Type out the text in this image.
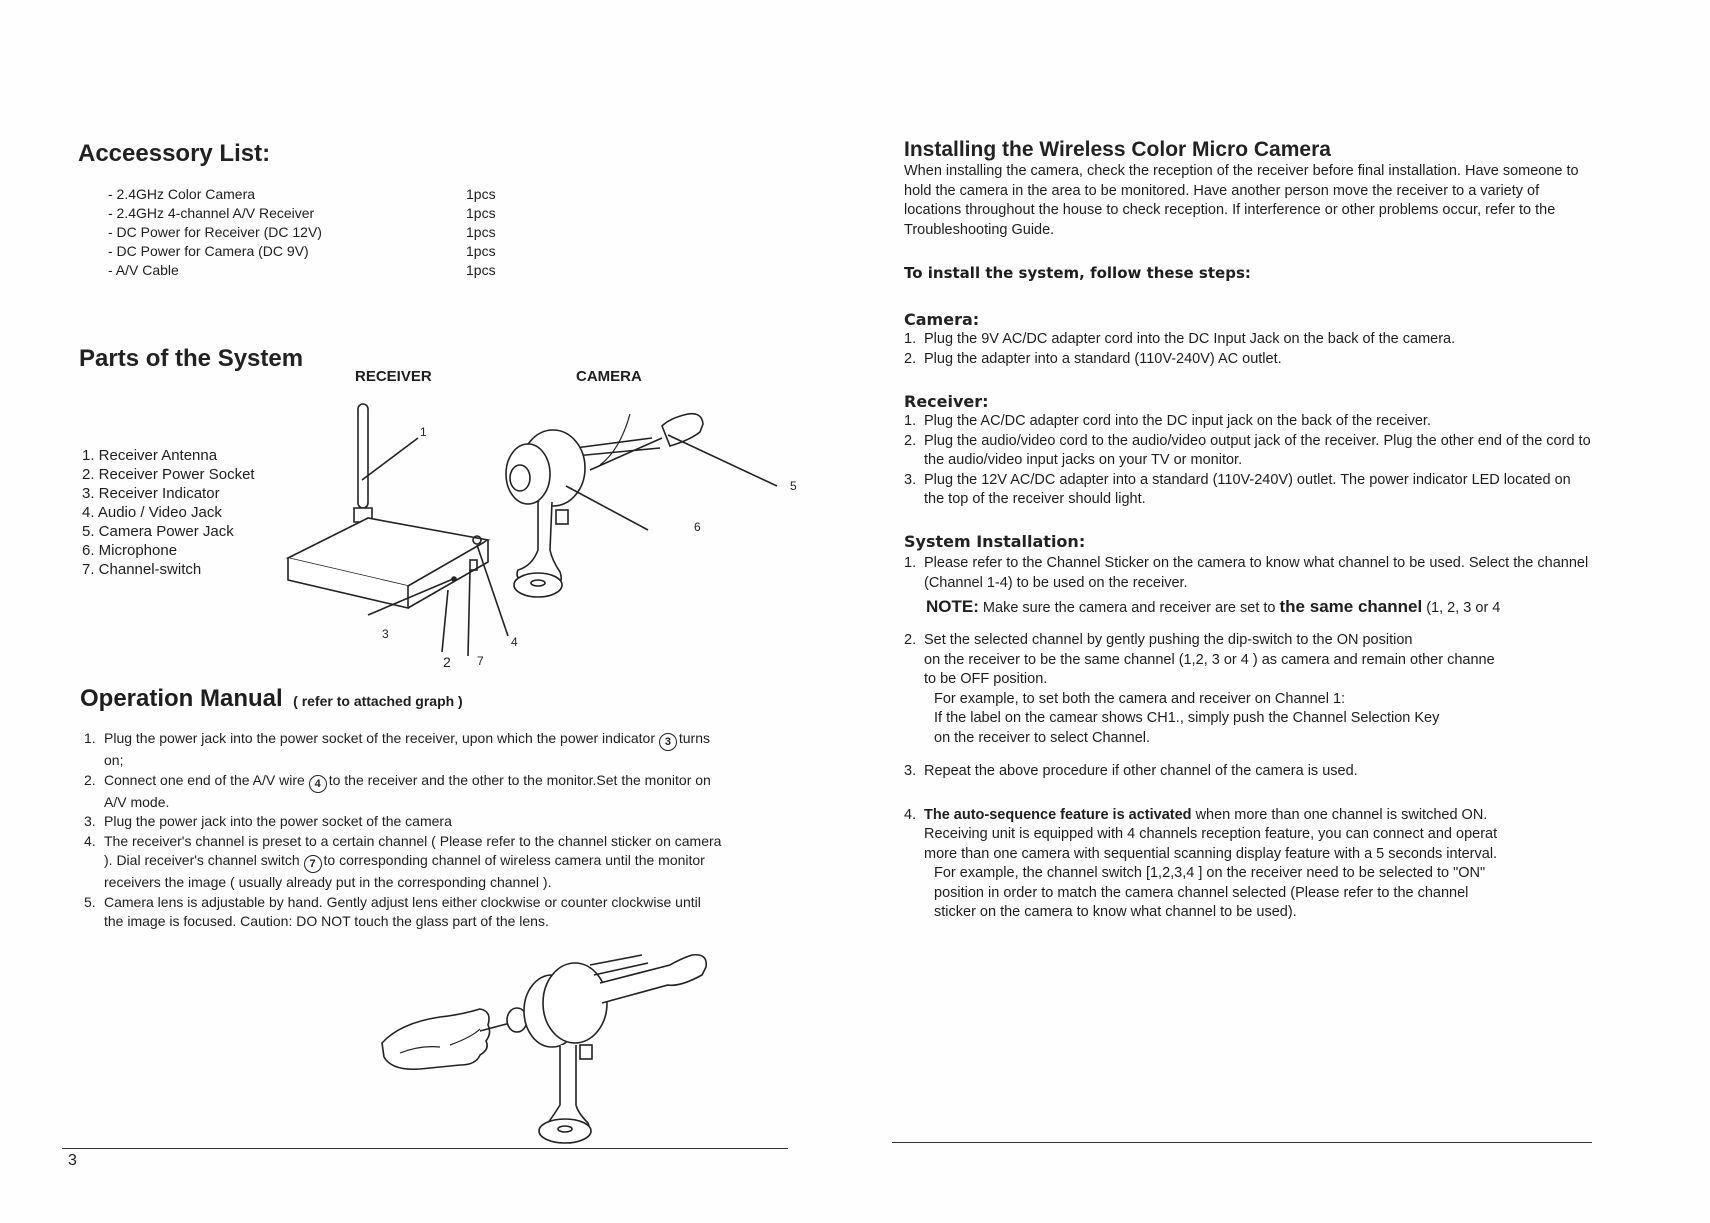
Acceessory List:
- 2.4GHz Color Camera	1pcs
- 2.4GHz 4-channel A/V Receiver	1pcs
- DC Power for Receiver (DC 12V)	1pcs
- DC Power for Camera (DC 9V)	1pcs
- A/V Cable	1pcs
Parts of the System
RECEIVER	CAMERA
1. Receiver Antenna
2. Receiver Power Socket
3. Receiver Indicator
4. Audio / Video Jack
5. Camera Power Jack
6. Microphone
7. Channel-switch
1
3
2 7
4
5
6
Operation Manual ( refer to attached graph )
1. Plug the power jack into the power socket of the receiver, upon which the power indicator 3 turns on;
2. Connect one end of the A/V wire 4 to the receiver and the other to the monitor.Set the monitor on A/V mode.
3. Plug the power jack into the power socket of the camera
4. The receiver's channel is preset to a certain channel ( Please refer to the channel sticker on camera ). Dial receiver's channel switch 7 to corresponding channel of wireless camera until the monitor receivers the image ( usually already put in the corresponding channel ).
5. Camera lens is adjustable by hand. Gently adjust lens either clockwise or counter clockwise until the image is focused. Caution: DO NOT touch the glass part of the lens.
3
Installing the Wireless Color Micro Camera
When installing the camera, check the reception of the receiver before final installation. Have someone to hold the camera in the area to be monitored. Have another person move the receiver to a variety of locations throughout the house to check reception. If interference or other problems occur, refer to the Troubleshooting Guide.
To install the system, follow these steps:
Camera:
1. Plug the 9V AC/DC adapter cord into the DC Input Jack on the back of the camera.
2. Plug the adapter into a standard (110V-240V) AC outlet.
Receiver:
1. Plug the AC/DC adapter cord into the DC input jack on the back of the receiver.
2. Plug the audio/video cord to the audio/video output jack of the receiver. Plug the other end of the cord to the audio/video input jacks on your TV or monitor.
3. Plug the 12V AC/DC adapter into a standard (110V-240V) outlet. The power indicator LED located on the top of the receiver should light.
System Installation:
1. Please refer to the Channel Sticker on the camera to know what channel to be used. Select the channel (Channel 1-4) to be used on the receiver.
NOTE: Make sure the camera and receiver are set to the same channel (1, 2, 3 or 4
2. Set the selected channel by gently pushing the dip-switch to the ON position
on the receiver to be the same channel (1,2, 3 or 4 ) as camera and remain other channe
to be OFF position.
For example, to set both the camera and receiver on Channel 1:
If the label on the camear shows CH1., simply push the Channel Selection Key
on the receiver to select Channel.
3. Repeat the above procedure if other channel of the camera is used.
4. The auto-sequence feature is activated when more than one channel is switched ON.
Receiving unit is equipped with 4 channels reception feature, you can connect and operat
more than one camera with sequential scanning display feature with a 5 seconds interval.
For example, the channel switch [1,2,3,4 ] on the receiver need to be selected to "ON"
position in order to match the camera channel selected (Please refer to the channel
sticker on the camera to know what channel to be used).
